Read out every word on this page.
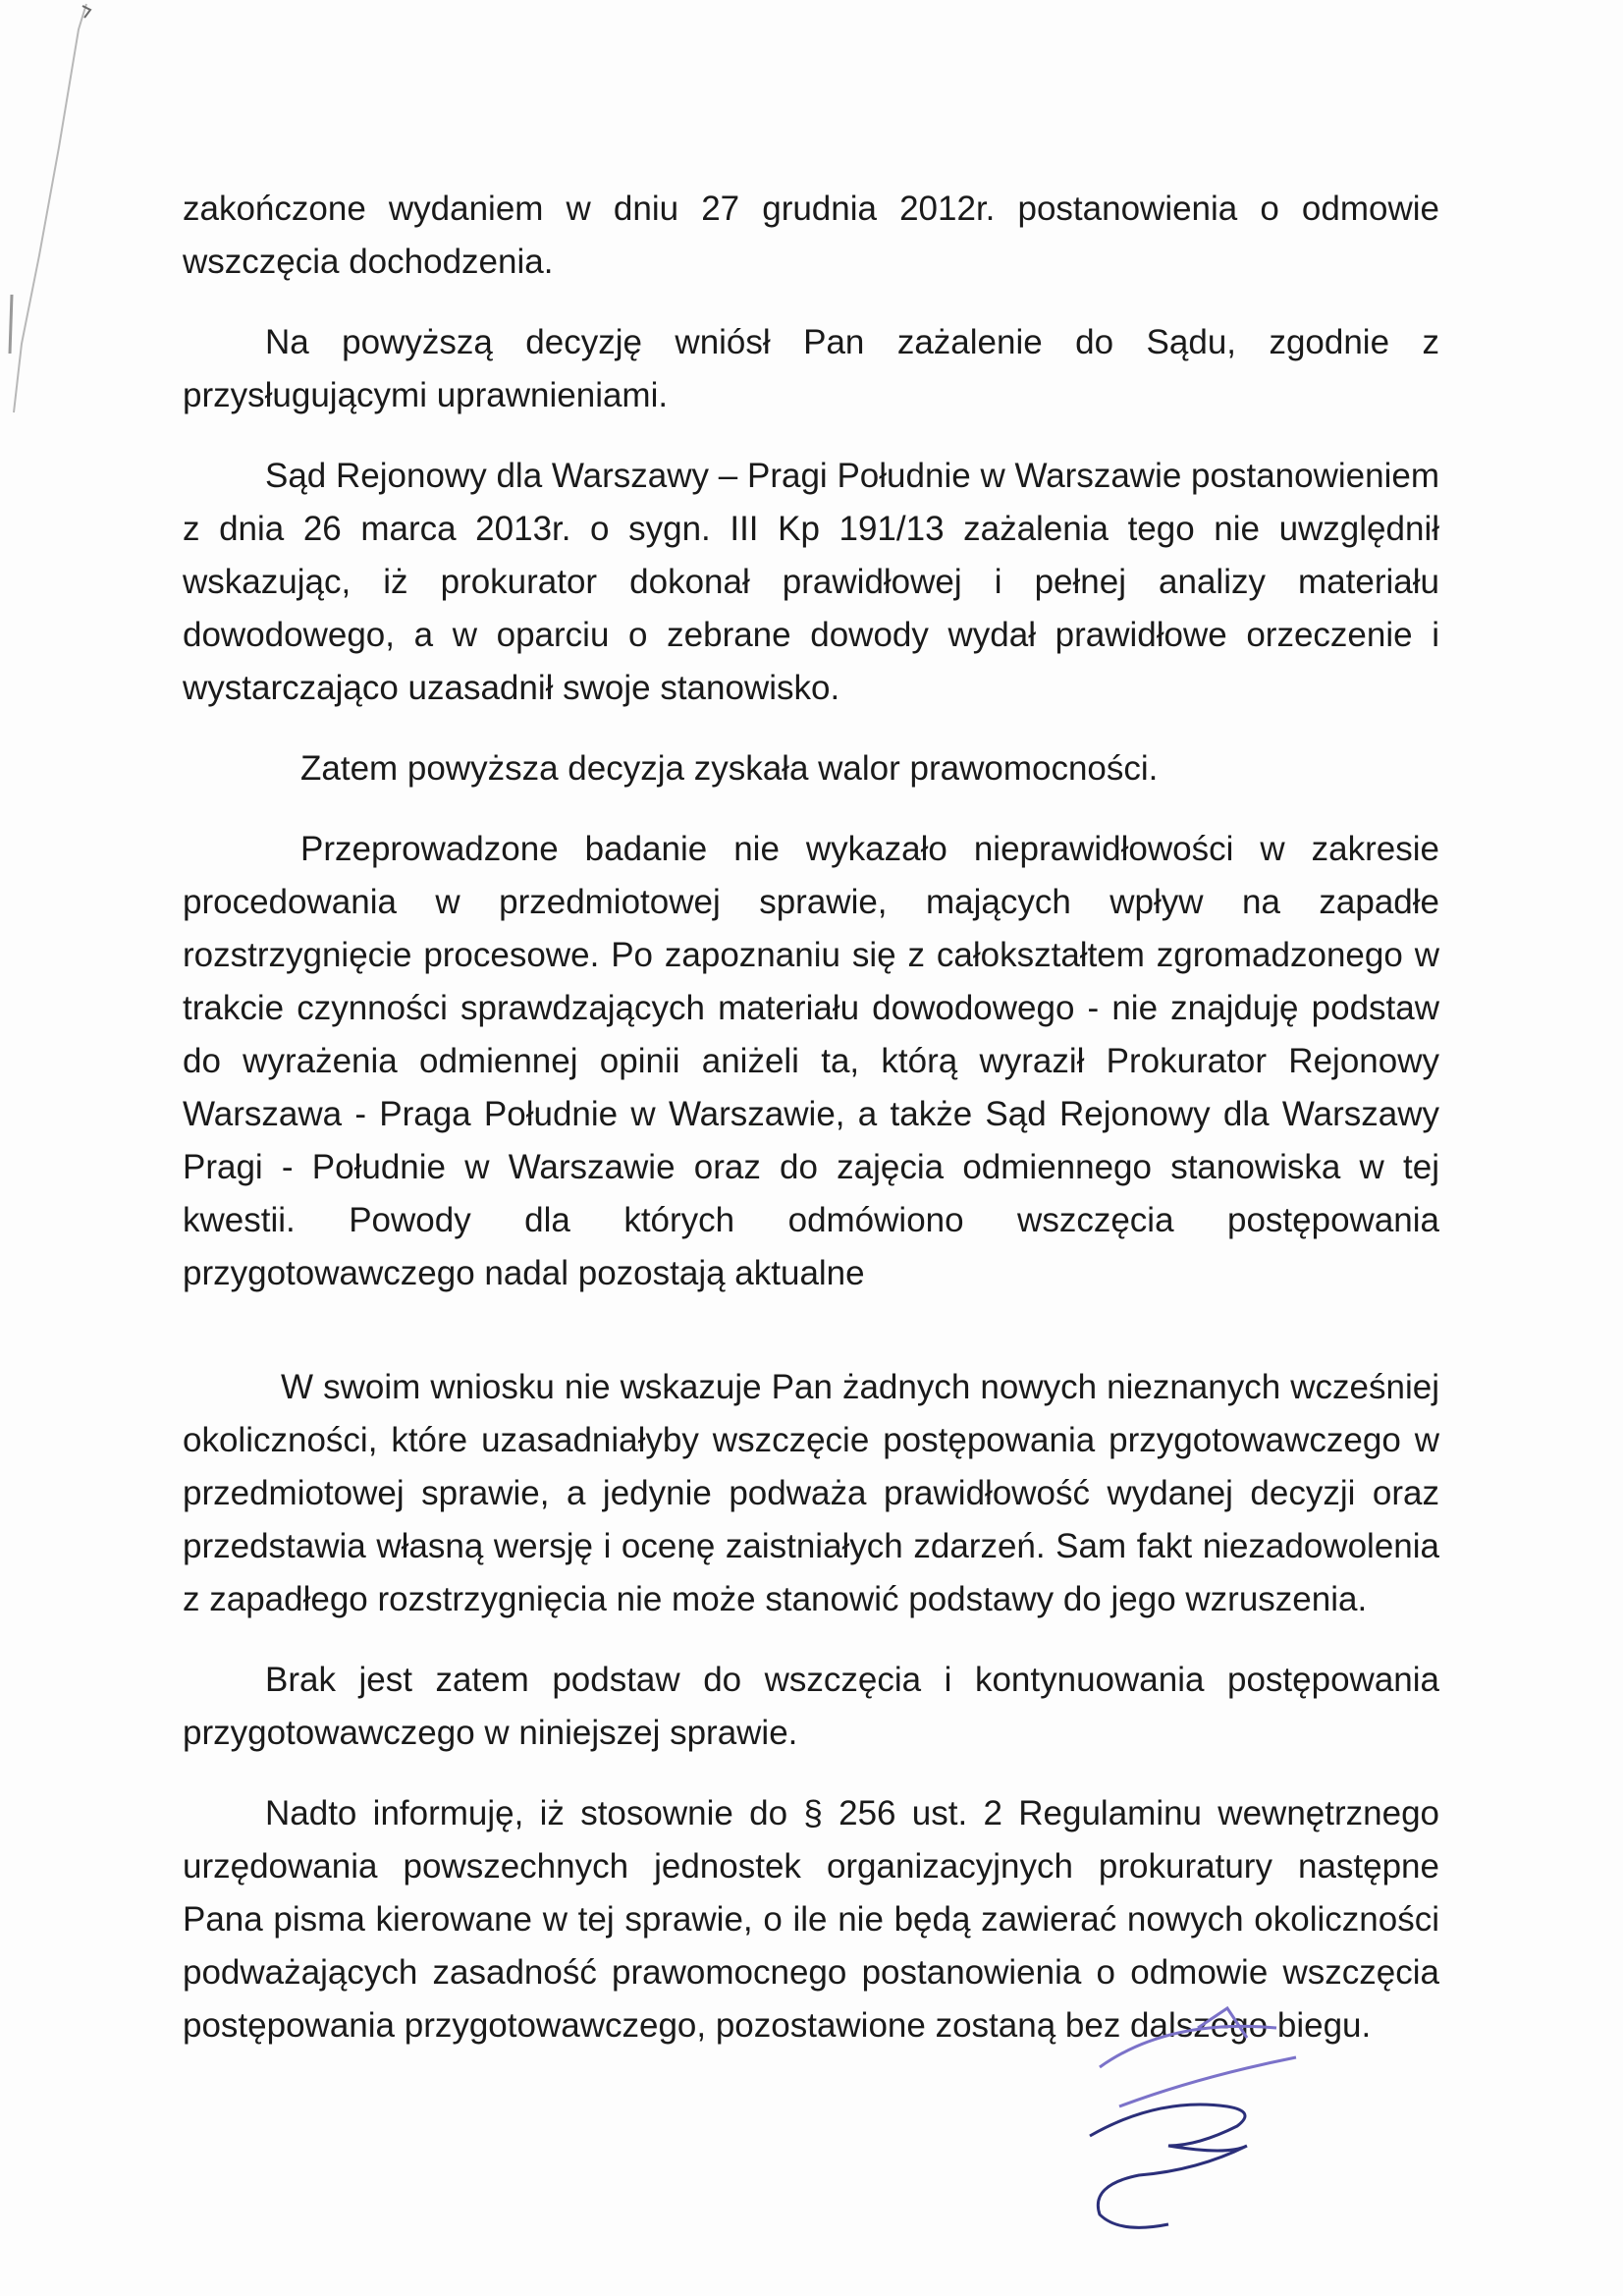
zakończone wydaniem w dniu 27 grudnia 2012r. postanowienia o odmowie wszczęcia dochodzenia.

Na powyższą decyzję wniósł Pan zażalenie do Sądu, zgodnie z przysługującymi uprawnieniami.

Sąd Rejonowy dla Warszawy – Pragi Południe w Warszawie postanowieniem z dnia 26 marca 2013r. o sygn. III Kp 191/13 zażalenia tego nie uwzględnił wskazując, iż prokurator dokonał prawidłowej i pełnej analizy materiału dowodowego, a w oparciu o zebrane dowody wydał prawidłowe orzeczenie i wystarczająco uzasadnił swoje stanowisko.

Zatem powyższa decyzja zyskała walor prawomocności.

Przeprowadzone badanie nie wykazało nieprawidłowości w zakresie procedowania w przedmiotowej sprawie, mających wpływ na zapadłe rozstrzygnięcie procesowe. Po zapoznaniu się z całokształtem zgromadzonego w trakcie czynności sprawdzających materiału dowodowego - nie znajduję podstaw do wyrażenia odmiennej opinii aniżeli ta, którą wyraził Prokurator Rejonowy Warszawa - Praga Południe w Warszawie, a także Sąd Rejonowy dla Warszawy Pragi - Południe w Warszawie oraz do zajęcia odmiennego stanowiska w tej kwestii. Powody dla których odmówiono wszczęcia postępowania przygotowawczego nadal pozostają aktualne

W swoim wniosku nie wskazuje Pan żadnych nowych nieznanych wcześniej okoliczności, które uzasadniałyby wszczęcie postępowania przygotowawczego w przedmiotowej sprawie, a jedynie podważa prawidłowość wydanej decyzji oraz przedstawia własną wersję i ocenę zaistniałych zdarzeń. Sam fakt niezadowolenia z zapadłego rozstrzygnięcia nie może stanowić podstawy do jego wzruszenia.

Brak jest zatem podstaw do wszczęcia i kontynuowania postępowania przygotowawczego w niniejszej sprawie.

Nadto informuję, iż stosownie do § 256 ust. 2 Regulaminu wewnętrznego urzędowania powszechnych jednostek organizacyjnych prokuratury następne Pana pisma kierowane w tej sprawie, o ile nie będą zawierać nowych okoliczności podważających zasadność prawomocnego postanowienia o odmowie wszczęcia postępowania przygotowawczego, pozostawione zostaną bez dalszego biegu.
